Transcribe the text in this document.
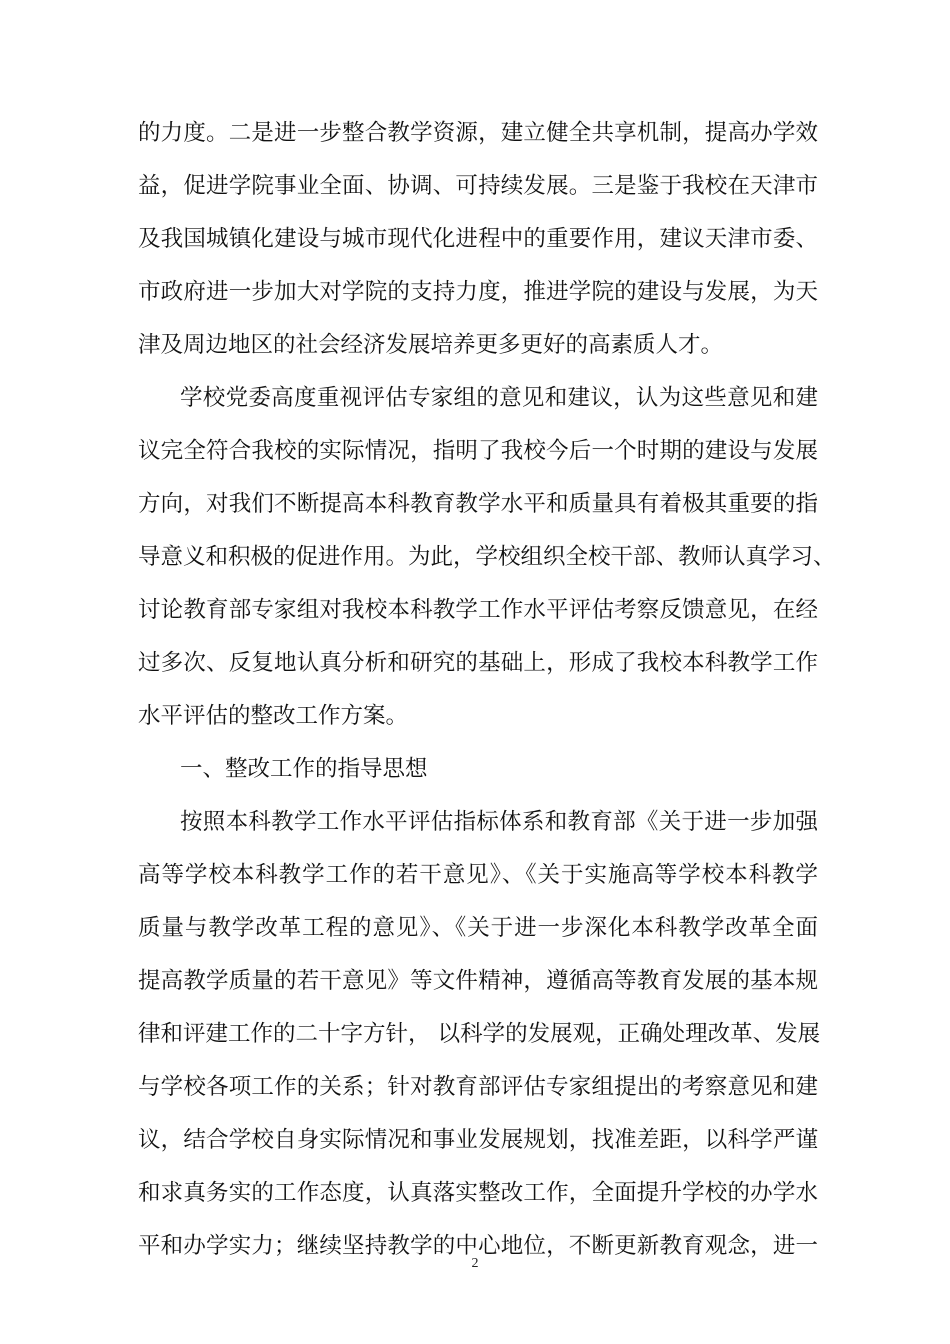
的力度。二是进一步整合教学资源，建立健全共享机制，提高办学效
益，促进学院事业全面、协调、可持续发展。三是鉴于我校在天津市
及我国城镇化建设与城市现代化进程中的重要作用，建议天津市委、
市政府进一步加大对学院的支持力度，推进学院的建设与发展，为天
津及周边地区的社会经济发展培养更多更好的高素质人才。
学校党委高度重视评估专家组的意见和建议，认为这些意见和建
议完全符合我校的实际情况，指明了我校今后一个时期的建设与发展
方向，对我们不断提高本科教育教学水平和质量具有着极其重要的指
导意义和积极的促进作用。为此，学校组织全校干部、教师认真学习、
讨论教育部专家组对我校本科教学工作水平评估考察反馈意见，在经
过多次、反复地认真分析和研究的基础上，形成了我校本科教学工作
水平评估的整改工作方案。
一、整改工作的指导思想
按照本科教学工作水平评估指标体系和教育部《关于进一步加强
高等学校本科教学工作的若干意见》、《关于实施高等学校本科教学
质量与教学改革工程的意见》、《关于进一步深化本科教学改革全面
提高教学质量的若干意见》等文件精神，遵循高等教育发展的基本规
律和评建工作的二十字方针， 以科学的发展观，正确处理改革、发展
与学校各项工作的关系；针对教育部评估专家组提出的考察意见和建
议，结合学校自身实际情况和事业发展规划，找准差距，以科学严谨
和求真务实的工作态度，认真落实整改工作，全面提升学校的办学水
平和办学实力；继续坚持教学的中心地位，不断更新教育观念，进一
2
